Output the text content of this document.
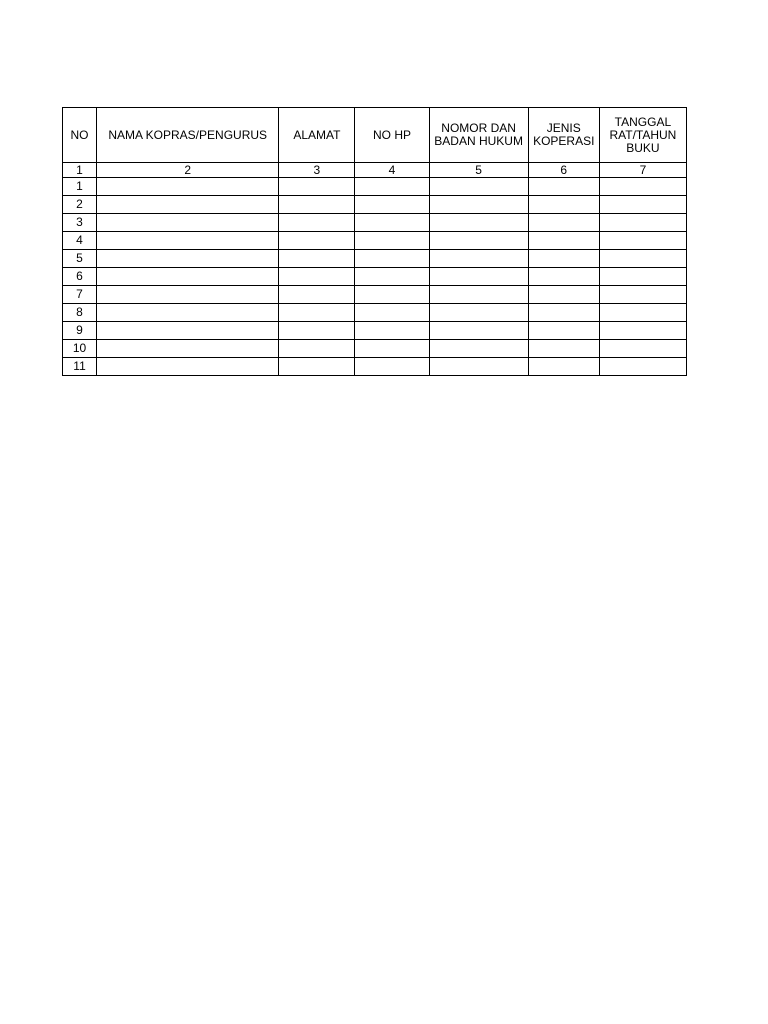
NO	NAMA KOPRAS/PENGURUS	ALAMAT	NO HP	NOMOR DAN BADAN HUKUM	JENIS KOPERASI	TANGGAL RAT/TAHUN BUKU
1	2	3	4	5	6	7
1						
2						
3						
4						
5						
6						
7						
8						
9						
10						
11						
